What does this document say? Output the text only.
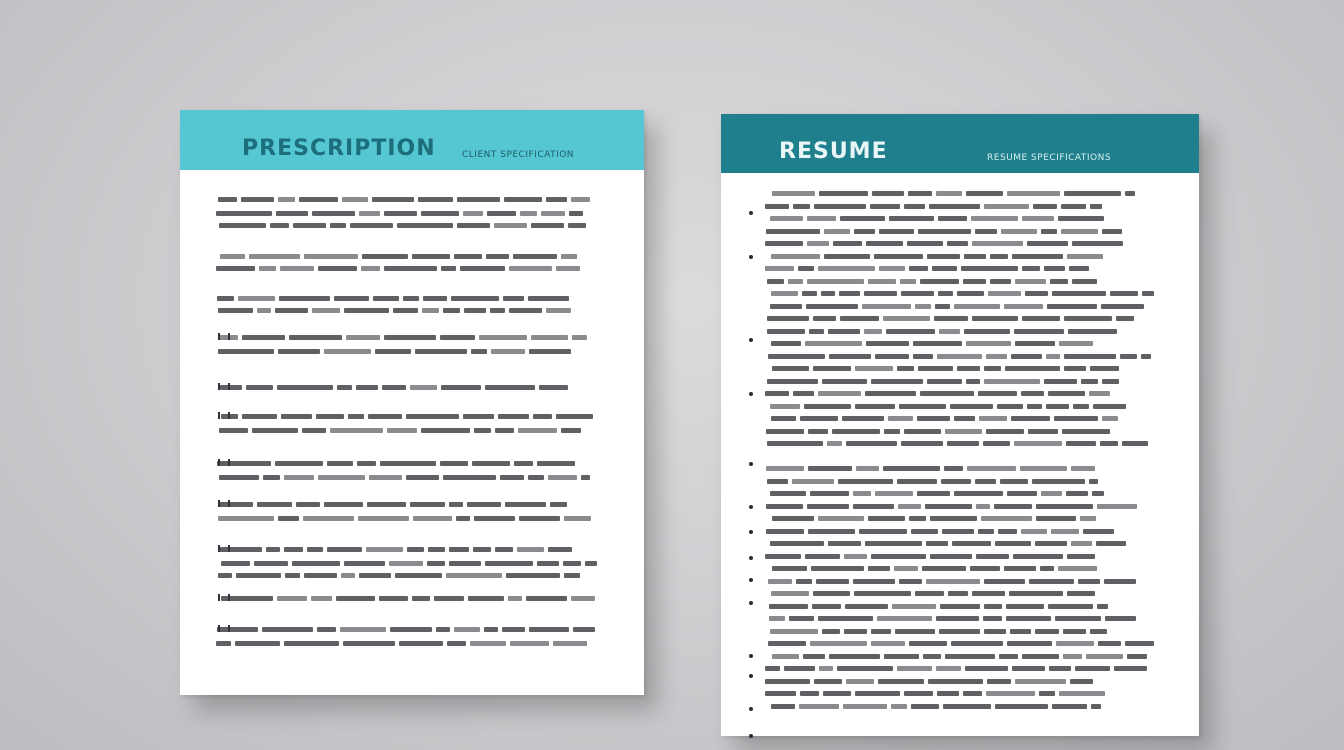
PRESCRIPTION	CLIENT SPECIFICATION	RESUME	RESUME SPECIFICATIONS
